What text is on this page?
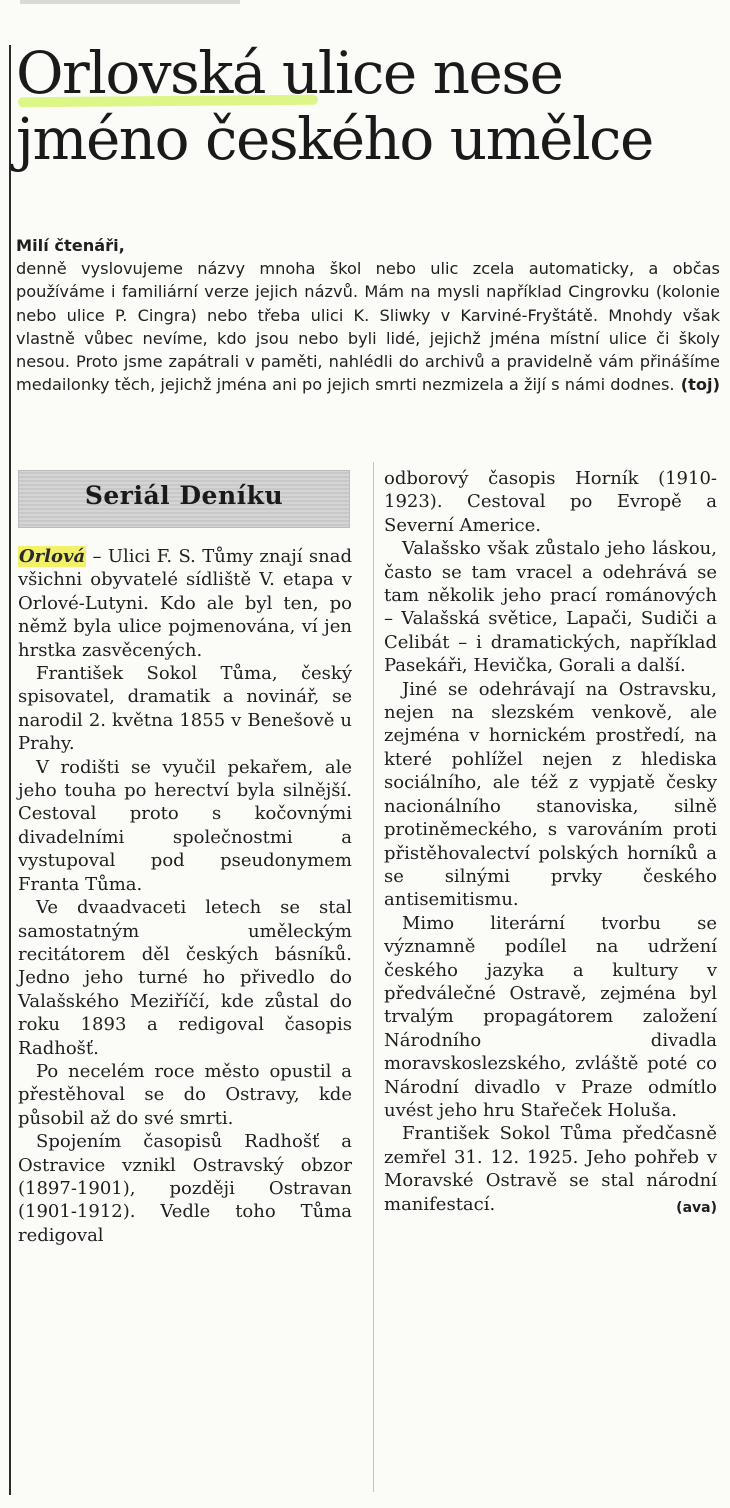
Orlovská ulice nese
jméno českého umělce
Milí čtenáři,
denně vyslovujeme názvy mnoha škol nebo ulic zcela automaticky, a občas používáme i familiární verze jejich názvů. Mám na mysli například Cingrovku (kolonie nebo ulice P. Cingra) nebo třeba ulici K. Sliwky v Karviné-Fryštátě. Mnohdy však vlastně vůbec nevíme, kdo jsou nebo byli lidé, jejichž jména místní ulice či školy nesou. Proto jsme zapátrali v paměti, nahlédli do archivů a pravidelně vám přinášíme medailonky těch, jejichž jména ani po jejich smrti nezmizela a žijí s námi dodnes. (toj)
Seriál Deníku

Orlová – Ulici F. S. Tůmy znají snad všichni obyvatelé sídliště V. etapa v Orlové-Lutyni. Kdo ale byl ten, po němž byla ulice pojmenována, ví jen hrstka zasvěcených.

František Sokol Tůma, český spisovatel, dramatik a novinář, se narodil 2. května 1855 v Benešově u Prahy.

V rodišti se vyučil pekařem, ale jeho touha po herectví byla silnější. Cestoval proto s kočovnými divadelními společnostmi a vystupoval pod pseudonymem Franta Tůma.

Ve dvaadvaceti letech se stal samostatným uměleckým recitátorem děl českých básníků. Jedno jeho turné ho přivedlo do Valašského Meziříčí, kde zůstal do roku 1893 a redigoval časopis Radhošť.

Po necelém roce město opustil a přestěhoval se do Ostravy, kde působil až do své smrti.

Spojením časopisů Radhošť a Ostravice vznikl Ostravský obzor (1897-1901), později Ostravan (1901-1912). Vedle toho Tůma redigoval

odborový časopis Horník (1910-1923). Cestoval po Evropě a Severní Americe.

Valašsko však zůstalo jeho láskou, často se tam vracel a odehrává se tam několik jeho prací románových – Valašská světice, Lapači, Sudiči a Celibát – i dramatických, například Pasekáři, Hevička, Gorali a další.

Jiné se odehrávají na Ostravsku, nejen na slezském venkově, ale zejména v hornickém prostředí, na které pohlížel nejen z hlediska sociálního, ale též z vypjatě česky nacionálního stanoviska, silně protiněmeckého, s varováním proti přistěhovalectví polských horníků a se silnými prvky českého antisemitismu.

Mimo literární tvorbu se významně podílel na udržení českého jazyka a kultury v předválečné Ostravě, zejména byl trvalým propagátorem založení Národního divadla moravskoslezského, zvláště poté co Národní divadlo v Praze odmítlo uvést jeho hru Stařeček Holuša.

František Sokol Tůma předčasně zemřel 31. 12. 1925. Jeho pohřeb v Moravské Ostravě se stal národní manifestací.	(ava)
